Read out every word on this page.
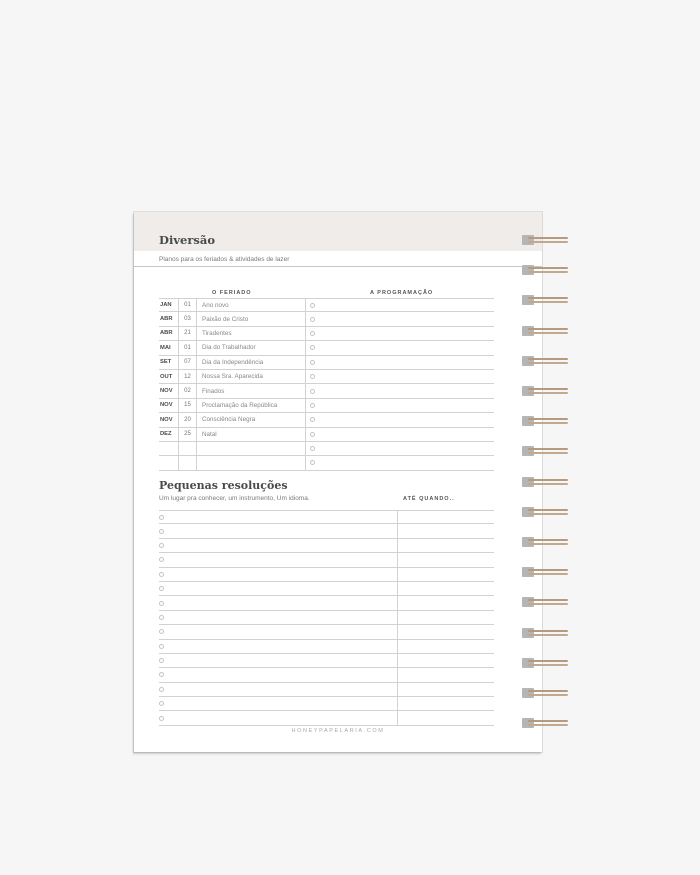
Diversão
Planos para os feriados & atividades de lazer
O FERIADO	A PROGRAMAÇÃO
JAN	01	Ano novo
ABR	03	Paixão de Cristo
ABR	21	Tiradentes
MAI	01	Dia do Trabalhador
SET	07	Dia da Independência
OUT	12	Nossa Sra. Aparecida
NOV	02	Finados
NOV	15	Proclamação da República
NOV	20	Consciência Negra
DEZ	25	Natal
Pequenas resoluções
Um lugar pra conhecer, um instrumento, Um idioma.	ATÉ QUANDO..
HONEYPAPELARIA.COM
